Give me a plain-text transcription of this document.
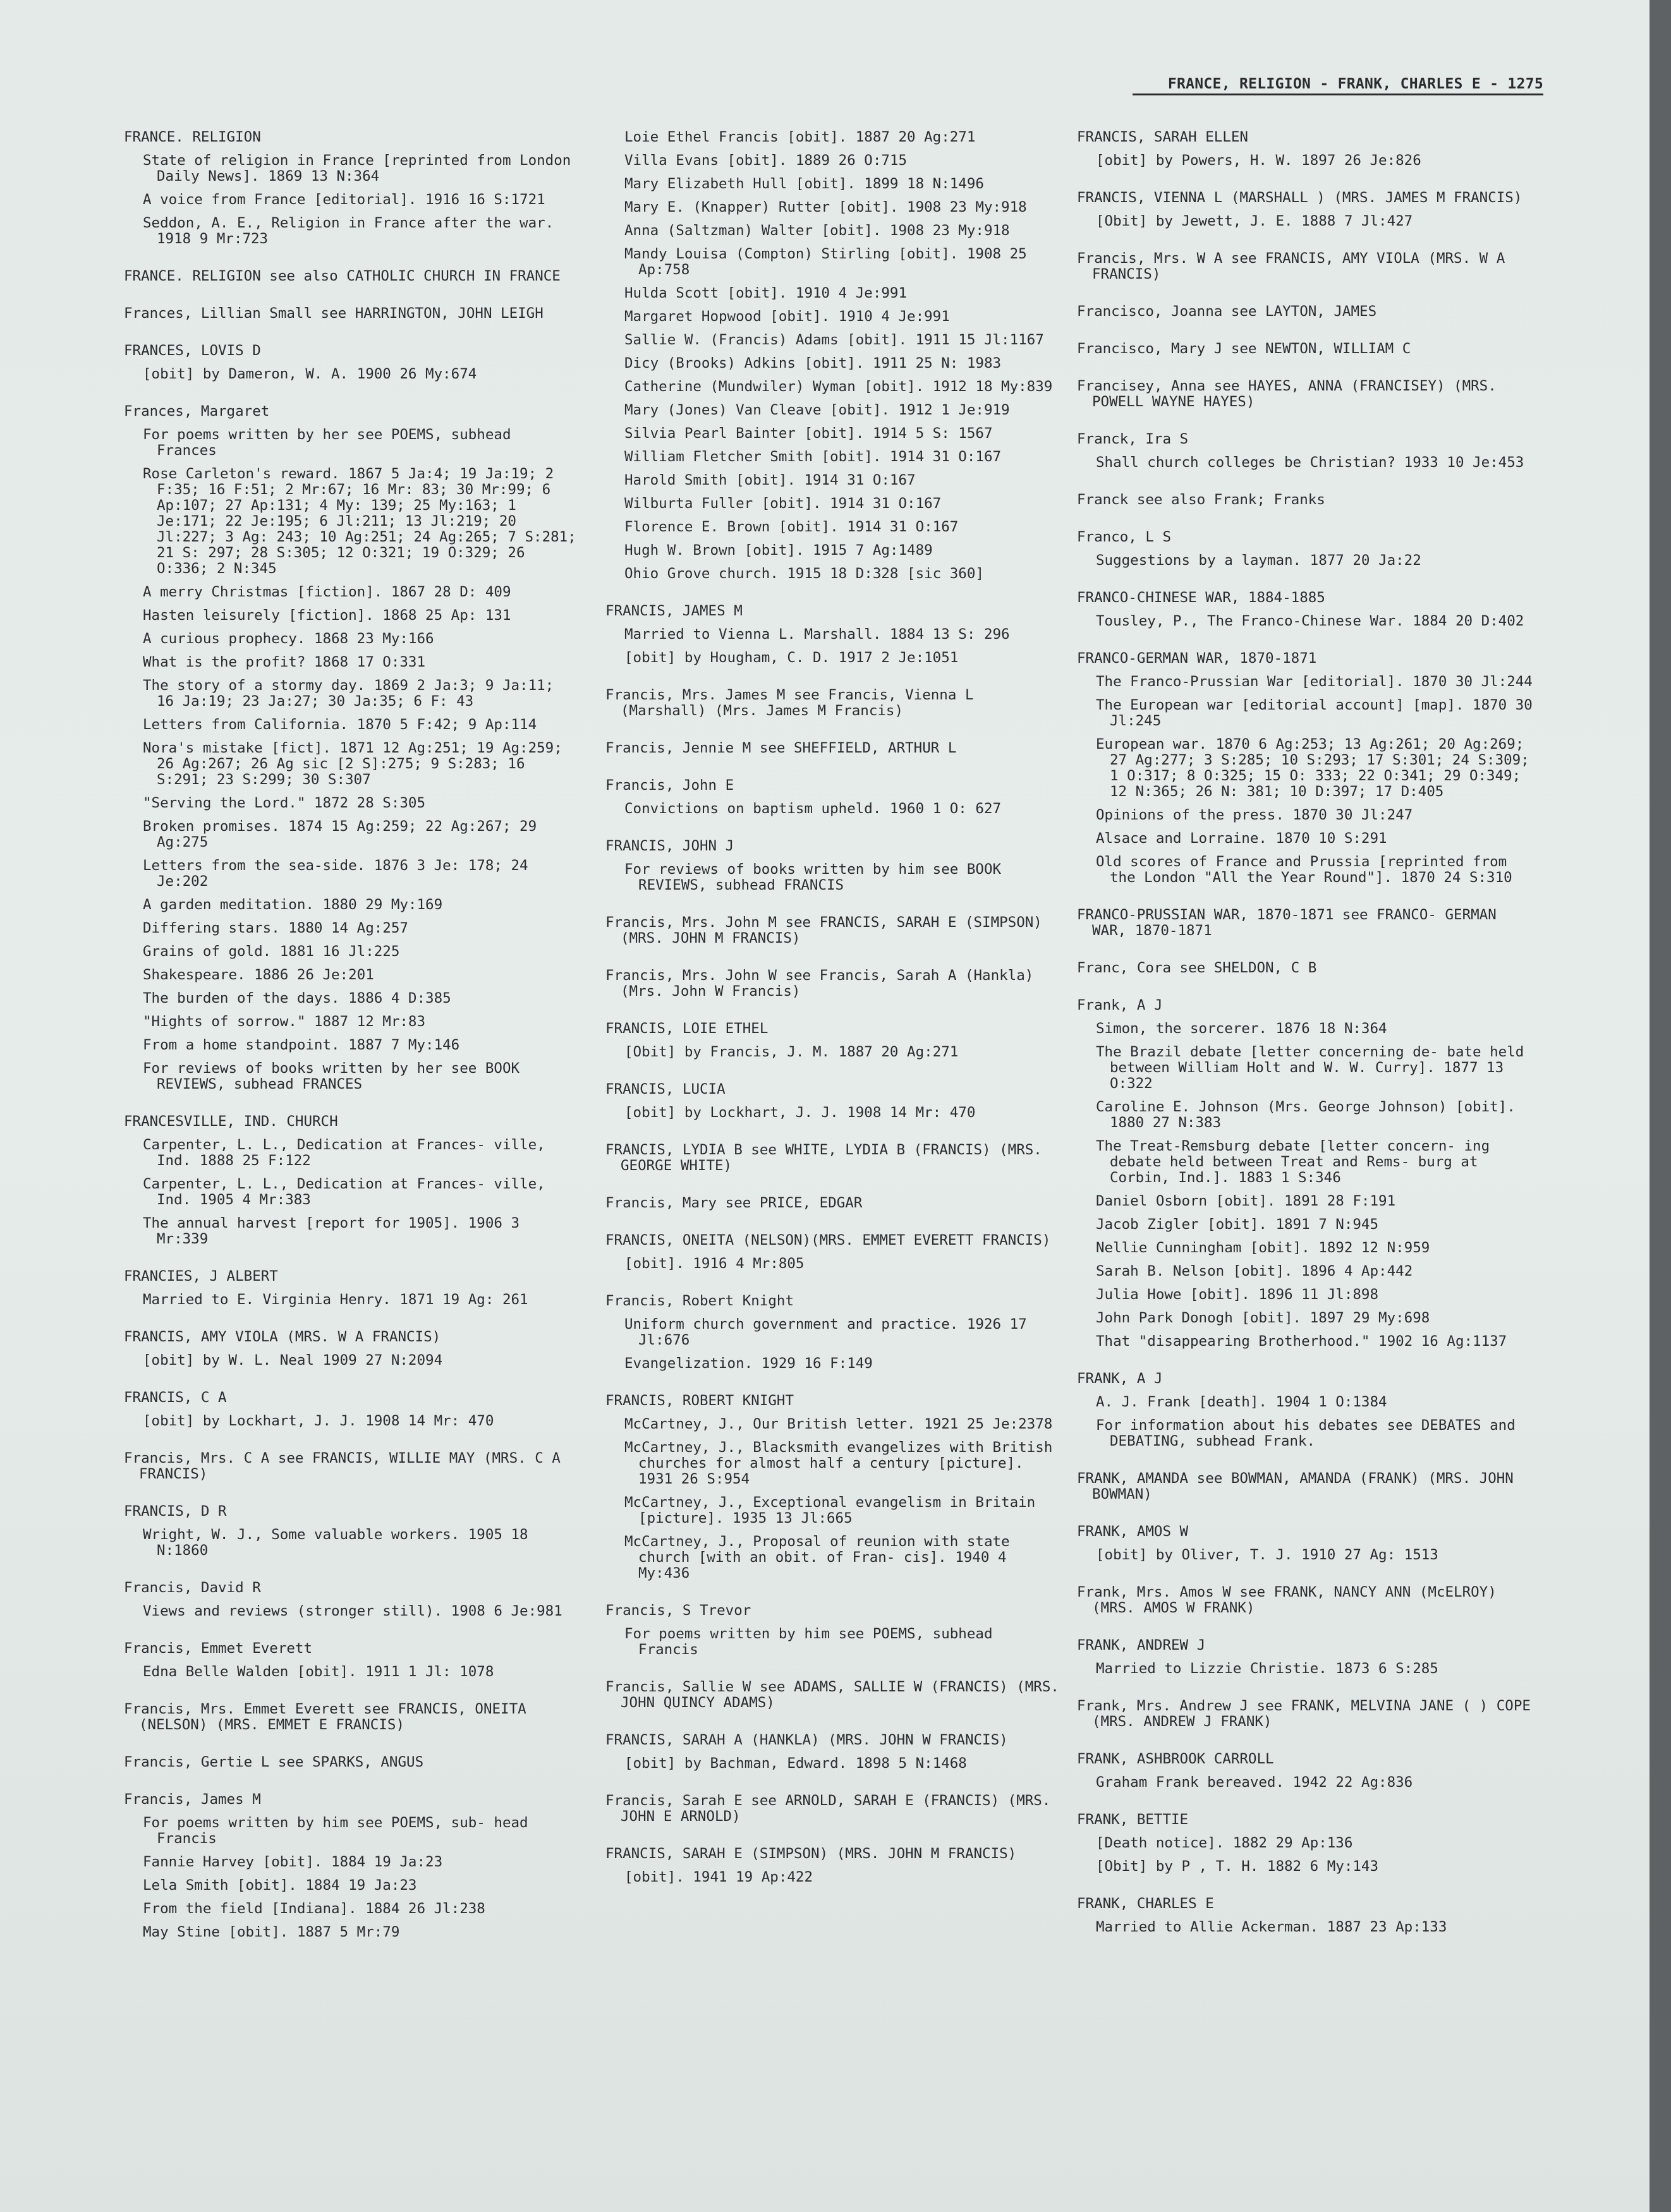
FRANCE, RELIGION - FRANK, CHARLES E - 1275
FRANCE. RELIGION
State of religion in France [reprinted from London Daily News]. 1869 13 N:364
A voice from France [editorial]. 1916 16 S:1721
Seddon, A. E., Religion in France after the war. 1918 9 Mr:723
FRANCE. RELIGION see also CATHOLIC CHURCH IN FRANCE
Frances, Lillian Small see HARRINGTON, JOHN LEIGH
FRANCES, LOVIS D
[obit] by Dameron, W. A. 1900 26 My:674
Frances, Margaret
For poems written by her see POEMS, subhead Frances
Rose Carleton's reward. 1867 5 Ja:4; 19 Ja:19; 2 F:35; 16 F:51; 2 Mr:67; 16 Mr: 83; 30 Mr:99; 6 Ap:107; 27 Ap:131; 4 My: 139; 25 My:163; 1 Je:171; 22 Je:195; 6 Jl:211; 13 Jl:219; 20 Jl:227; 3 Ag: 243; 10 Ag:251; 24 Ag:265; 7 S:281; 21 S: 297; 28 S:305; 12 O:321; 19 O:329; 26 O:336; 2 N:345
A merry Christmas [fiction]. 1867 28 D: 409
Hasten leisurely [fiction]. 1868 25 Ap: 131
A curious prophecy. 1868 23 My:166
What is the profit? 1868 17 O:331
The story of a stormy day. 1869 2 Ja:3; 9 Ja:11; 16 Ja:19; 23 Ja:27; 30 Ja:35; 6 F: 43
Letters from California. 1870 5 F:42; 9 Ap:114
Nora's mistake [fict]. 1871 12 Ag:251; 19 Ag:259; 26 Ag:267; 26 Ag sic [2 S]:275; 9 S:283; 16 S:291; 23 S:299; 30 S:307
"Serving the Lord." 1872 28 S:305
Broken promises. 1874 15 Ag:259; 22 Ag:267; 29 Ag:275
Letters from the sea-side. 1876 3 Je: 178; 24 Je:202
A garden meditation. 1880 29 My:169
Differing stars. 1880 14 Ag:257
Grains of gold. 1881 16 Jl:225
Shakespeare. 1886 26 Je:201
The burden of the days. 1886 4 D:385
"Hights of sorrow." 1887 12 Mr:83
From a home standpoint. 1887 7 My:146
For reviews of books written by her see BOOK REVIEWS, subhead FRANCES
FRANCESVILLE, IND. CHURCH
Carpenter, L. L., Dedication at Frances- ville, Ind. 1888 25 F:122
Carpenter, L. L., Dedication at Frances- ville, Ind. 1905 4 Mr:383
The annual harvest [report for 1905]. 1906 3 Mr:339
FRANCIES, J ALBERT
Married to E. Virginia Henry. 1871 19 Ag: 261
FRANCIS, AMY VIOLA (MRS. W A FRANCIS)
[obit] by W. L. Neal 1909 27 N:2094
FRANCIS, C A
[obit] by Lockhart, J. J. 1908 14 Mr: 470
Francis, Mrs. C A see FRANCIS, WILLIE MAY (MRS. C A FRANCIS)
FRANCIS, D R
Wright, W. J., Some valuable workers. 1905 18 N:1860
Francis, David R
Views and reviews (stronger still). 1908 6 Je:981
Francis, Emmet Everett
Edna Belle Walden [obit]. 1911 1 Jl: 1078
Francis, Mrs. Emmet Everett see FRANCIS, ONEITA (NELSON) (MRS. EMMET E FRANCIS)
Francis, Gertie L see SPARKS, ANGUS
Francis, James M
For poems written by him see POEMS, sub- head Francis
Fannie Harvey [obit]. 1884 19 Ja:23
Lela Smith [obit]. 1884 19 Ja:23
From the field [Indiana]. 1884 26 Jl:238
May Stine [obit]. 1887 5 Mr:79
Loie Ethel Francis [obit]. 1887 20 Ag:271
Villa Evans [obit]. 1889 26 O:715
Mary Elizabeth Hull [obit]. 1899 18 N:1496
Mary E. (Knapper) Rutter [obit]. 1908 23 My:918
Anna (Saltzman) Walter [obit]. 1908 23 My:918
Mandy Louisa (Compton) Stirling [obit]. 1908 25 Ap:758
Hulda Scott [obit]. 1910 4 Je:991
Margaret Hopwood [obit]. 1910 4 Je:991
Sallie W. (Francis) Adams [obit]. 1911 15 Jl:1167
Dicy (Brooks) Adkins [obit]. 1911 25 N: 1983
Catherine (Mundwiler) Wyman [obit]. 1912 18 My:839
Mary (Jones) Van Cleave [obit]. 1912 1 Je:919
Silvia Pearl Bainter [obit]. 1914 5 S: 1567
William Fletcher Smith [obit]. 1914 31 O:167
Harold Smith [obit]. 1914 31 O:167
Wilburta Fuller [obit]. 1914 31 O:167
Florence E. Brown [obit]. 1914 31 O:167
Hugh W. Brown [obit]. 1915 7 Ag:1489
Ohio Grove church. 1915 18 D:328 [sic 360]
FRANCIS, JAMES M
Married to Vienna L. Marshall. 1884 13 S: 296
[obit] by Hougham, C. D. 1917 2 Je:1051
Francis, Mrs. James M see Francis, Vienna L (Marshall) (Mrs. James M Francis)
Francis, Jennie M see SHEFFIELD, ARTHUR L
Francis, John E
Convictions on baptism upheld. 1960 1 O: 627
FRANCIS, JOHN J
For reviews of books written by him see BOOK REVIEWS, subhead FRANCIS
Francis, Mrs. John M see FRANCIS, SARAH E (SIMPSON) (MRS. JOHN M FRANCIS)
Francis, Mrs. John W see Francis, Sarah A (Hankla) (Mrs. John W Francis)
FRANCIS, LOIE ETHEL
[Obit] by Francis, J. M. 1887 20 Ag:271
FRANCIS, LUCIA
[obit] by Lockhart, J. J. 1908 14 Mr: 470
FRANCIS, LYDIA B see WHITE, LYDIA B (FRANCIS) (MRS. GEORGE WHITE)
Francis, Mary see PRICE, EDGAR
FRANCIS, ONEITA (NELSON)(MRS. EMMET EVERETT FRANCIS)
[obit]. 1916 4 Mr:805
Francis, Robert Knight
Uniform church government and practice. 1926 17 Jl:676
Evangelization. 1929 16 F:149
FRANCIS, ROBERT KNIGHT
McCartney, J., Our British letter. 1921 25 Je:2378
McCartney, J., Blacksmith evangelizes with British churches for almost half a century [picture]. 1931 26 S:954
McCartney, J., Exceptional evangelism in Britain [picture]. 1935 13 Jl:665
McCartney, J., Proposal of reunion with state church [with an obit. of Fran- cis]. 1940 4 My:436
Francis, S Trevor
For poems written by him see POEMS, subhead Francis
Francis, Sallie W see ADAMS, SALLIE W (FRANCIS) (MRS. JOHN QUINCY ADAMS)
FRANCIS, SARAH A (HANKLA) (MRS. JOHN W FRANCIS)
[obit] by Bachman, Edward. 1898 5 N:1468
Francis, Sarah E see ARNOLD, SARAH E (FRANCIS) (MRS. JOHN E ARNOLD)
FRANCIS, SARAH E (SIMPSON) (MRS. JOHN M FRANCIS)
[obit]. 1941 19 Ap:422
FRANCIS, SARAH ELLEN
[obit] by Powers, H. W. 1897 26 Je:826
FRANCIS, VIENNA L (MARSHALL ) (MRS. JAMES M FRANCIS)
[Obit] by Jewett, J. E. 1888 7 Jl:427
Francis, Mrs. W A see FRANCIS, AMY VIOLA (MRS. W A FRANCIS)
Francisco, Joanna see LAYTON, JAMES
Francisco, Mary J see NEWTON, WILLIAM C
Francisey, Anna see HAYES, ANNA (FRANCISEY) (MRS. POWELL WAYNE HAYES)
Franck, Ira S
Shall church colleges be Christian? 1933 10 Je:453
Franck see also Frank; Franks
Franco, L S
Suggestions by a layman. 1877 20 Ja:22
FRANCO-CHINESE WAR, 1884-1885
Tousley, P., The Franco-Chinese War. 1884 20 D:402
FRANCO-GERMAN WAR, 1870-1871
The Franco-Prussian War [editorial]. 1870 30 Jl:244
The European war [editorial account] [map]. 1870 30 Jl:245
European war. 1870 6 Ag:253; 13 Ag:261; 20 Ag:269; 27 Ag:277; 3 S:285; 10 S:293; 17 S:301; 24 S:309; 1 O:317; 8 O:325; 15 O: 333; 22 O:341; 29 O:349; 12 N:365; 26 N: 381; 10 D:397; 17 D:405
Opinions of the press. 1870 30 Jl:247
Alsace and Lorraine. 1870 10 S:291
Old scores of France and Prussia [reprinted from the London "All the Year Round"]. 1870 24 S:310
FRANCO-PRUSSIAN WAR, 1870-1871 see FRANCO- GERMAN WAR, 1870-1871
Franc, Cora see SHELDON, C B
Frank, A J
Simon, the sorcerer. 1876 18 N:364
The Brazil debate [letter concerning de- bate held between William Holt and W. W. Curry]. 1877 13 O:322
Caroline E. Johnson (Mrs. George Johnson) [obit]. 1880 27 N:383
The Treat-Remsburg debate [letter concern- ing debate held between Treat and Rems- burg at Corbin, Ind.]. 1883 1 S:346
Daniel Osborn [obit]. 1891 28 F:191
Jacob Zigler [obit]. 1891 7 N:945
Nellie Cunningham [obit]. 1892 12 N:959
Sarah B. Nelson [obit]. 1896 4 Ap:442
Julia Howe [obit]. 1896 11 Jl:898
John Park Donogh [obit]. 1897 29 My:698
That "disappearing Brotherhood." 1902 16 Ag:1137
FRANK, A J
A. J. Frank [death]. 1904 1 O:1384
For information about his debates see DEBATES and DEBATING, subhead Frank.
FRANK, AMANDA see BOWMAN, AMANDA (FRANK) (MRS. JOHN BOWMAN)
FRANK, AMOS W
[obit] by Oliver, T. J. 1910 27 Ag: 1513
Frank, Mrs. Amos W see FRANK, NANCY ANN (McELROY) (MRS. AMOS W FRANK)
FRANK, ANDREW J
Married to Lizzie Christie. 1873 6 S:285
Frank, Mrs. Andrew J see FRANK, MELVINA JANE ( ) COPE (MRS. ANDREW J FRANK)
FRANK, ASHBROOK CARROLL
Graham Frank bereaved. 1942 22 Ag:836
FRANK, BETTIE
[Death notice]. 1882 29 Ap:136
[Obit] by P , T. H. 1882 6 My:143
FRANK, CHARLES E
Married to Allie Ackerman. 1887 23 Ap:133
